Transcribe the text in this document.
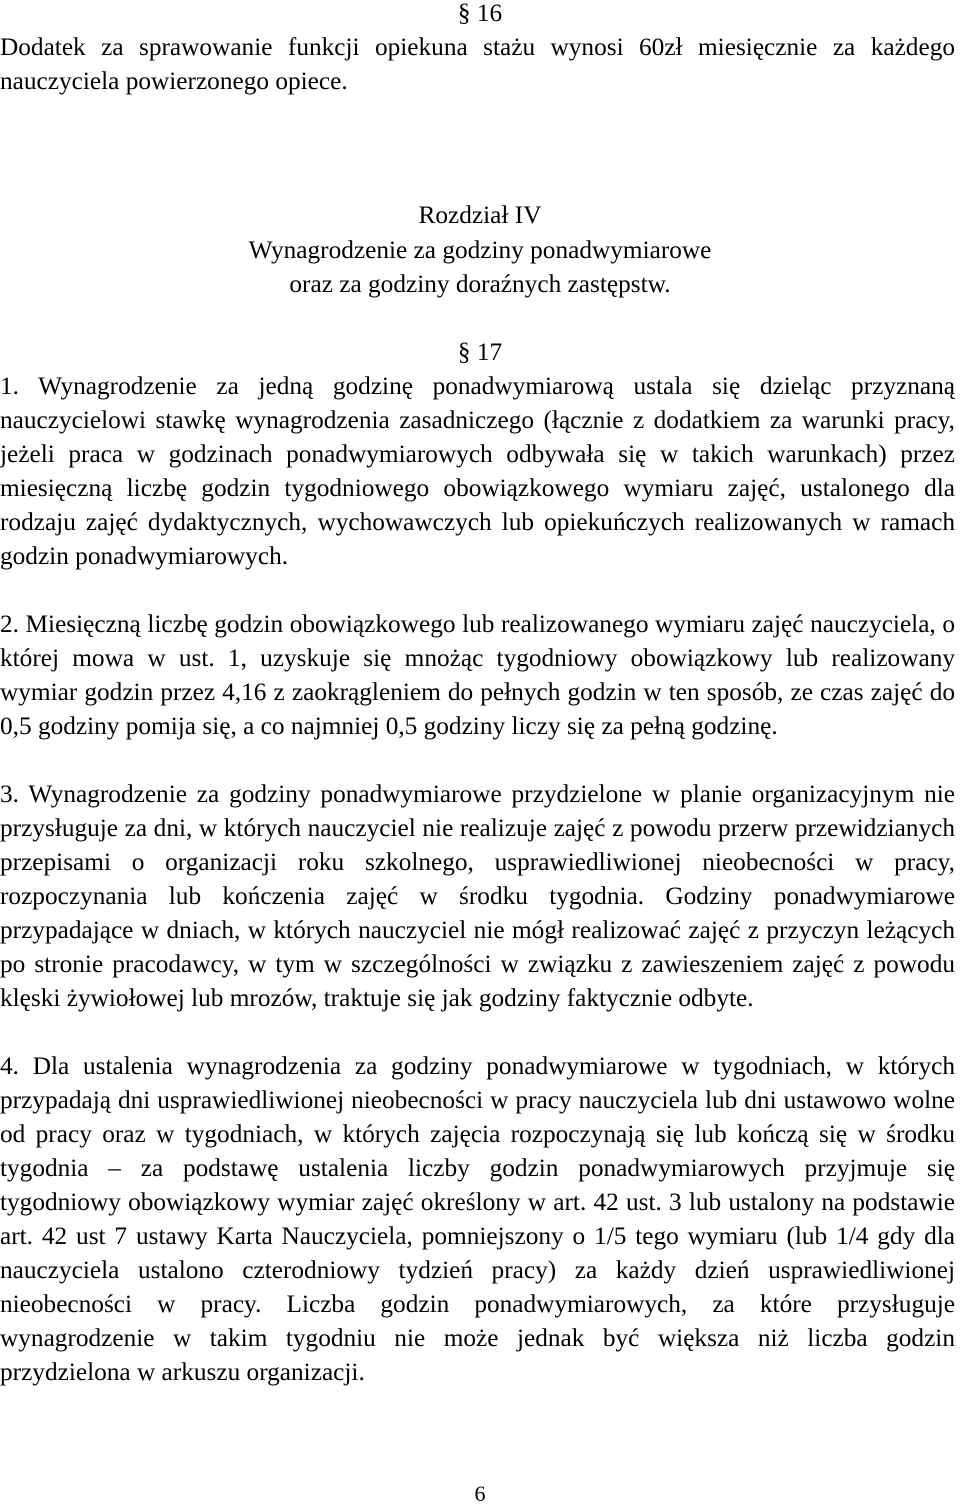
§ 16

Dodatek za sprawowanie funkcji opiekuna stażu wynosi 60zł miesięcznie za każdego nauczyciela powierzonego opiece.

Rozdział IV
Wynagrodzenie za godziny ponadwymiarowe
oraz za godziny doraźnych zastępstw.
§ 17

1. Wynagrodzenie za jedną godzinę ponadwymiarową ustala się dzieląc przyznaną nauczycielowi stawkę wynagrodzenia zasadniczego (łącznie z dodatkiem za warunki pracy, jeżeli praca w godzinach ponadwymiarowych odbywała się w takich warunkach) przez miesięczną liczbę godzin tygodniowego obowiązkowego wymiaru zajęć, ustalonego dla rodzaju zajęć dydaktycznych, wychowawczych lub opiekuńczych realizowanych w ramach godzin ponadwymiarowych.

2. Miesięczną liczbę godzin obowiązkowego lub realizowanego wymiaru zajęć nauczyciela, o której mowa w ust. 1, uzyskuje się mnożąc tygodniowy obowiązkowy lub realizowany wymiar godzin przez 4,16 z zaokrągleniem do pełnych godzin w ten sposób, ze czas zajęć do 0,5 godziny pomija się, a co najmniej 0,5 godziny liczy się za pełną godzinę.

3. Wynagrodzenie za godziny ponadwymiarowe przydzielone w planie organizacyjnym nie przysługuje za dni, w których nauczyciel nie realizuje zajęć z powodu przerw przewidzianych przepisami o organizacji roku szkolnego, usprawiedliwionej nieobecności w pracy, rozpoczynania lub kończenia zajęć w środku tygodnia. Godziny ponadwymiarowe przypadające w dniach, w których nauczyciel nie mógł realizować zajęć z przyczyn leżących po stronie pracodawcy, w tym w szczególności w związku z zawieszeniem zajęć z powodu klęski żywiołowej lub mrozów, traktuje się jak godziny faktycznie odbyte.

4. Dla ustalenia wynagrodzenia za godziny ponadwymiarowe w tygodniach, w których przypadają dni usprawiedliwionej nieobecności w pracy nauczyciela lub dni ustawowo wolne od pracy oraz w tygodniach, w których zajęcia rozpoczynają się lub kończą się w środku tygodnia – za podstawę ustalenia liczby godzin ponadwymiarowych przyjmuje się tygodniowy obowiązkowy wymiar zajęć określony w art. 42 ust. 3 lub ustalony na podstawie art. 42 ust 7 ustawy Karta Nauczyciela, pomniejszony o 1/5 tego wymiaru (lub 1/4 gdy dla nauczyciela ustalono czterodniowy tydzień pracy) za każdy dzień usprawiedliwionej nieobecności w pracy. Liczba godzin ponadwymiarowych, za które przysługuje wynagrodzenie w takim tygodniu nie może jednak być większa niż liczba godzin przydzielona w arkuszu organizacji.

6
